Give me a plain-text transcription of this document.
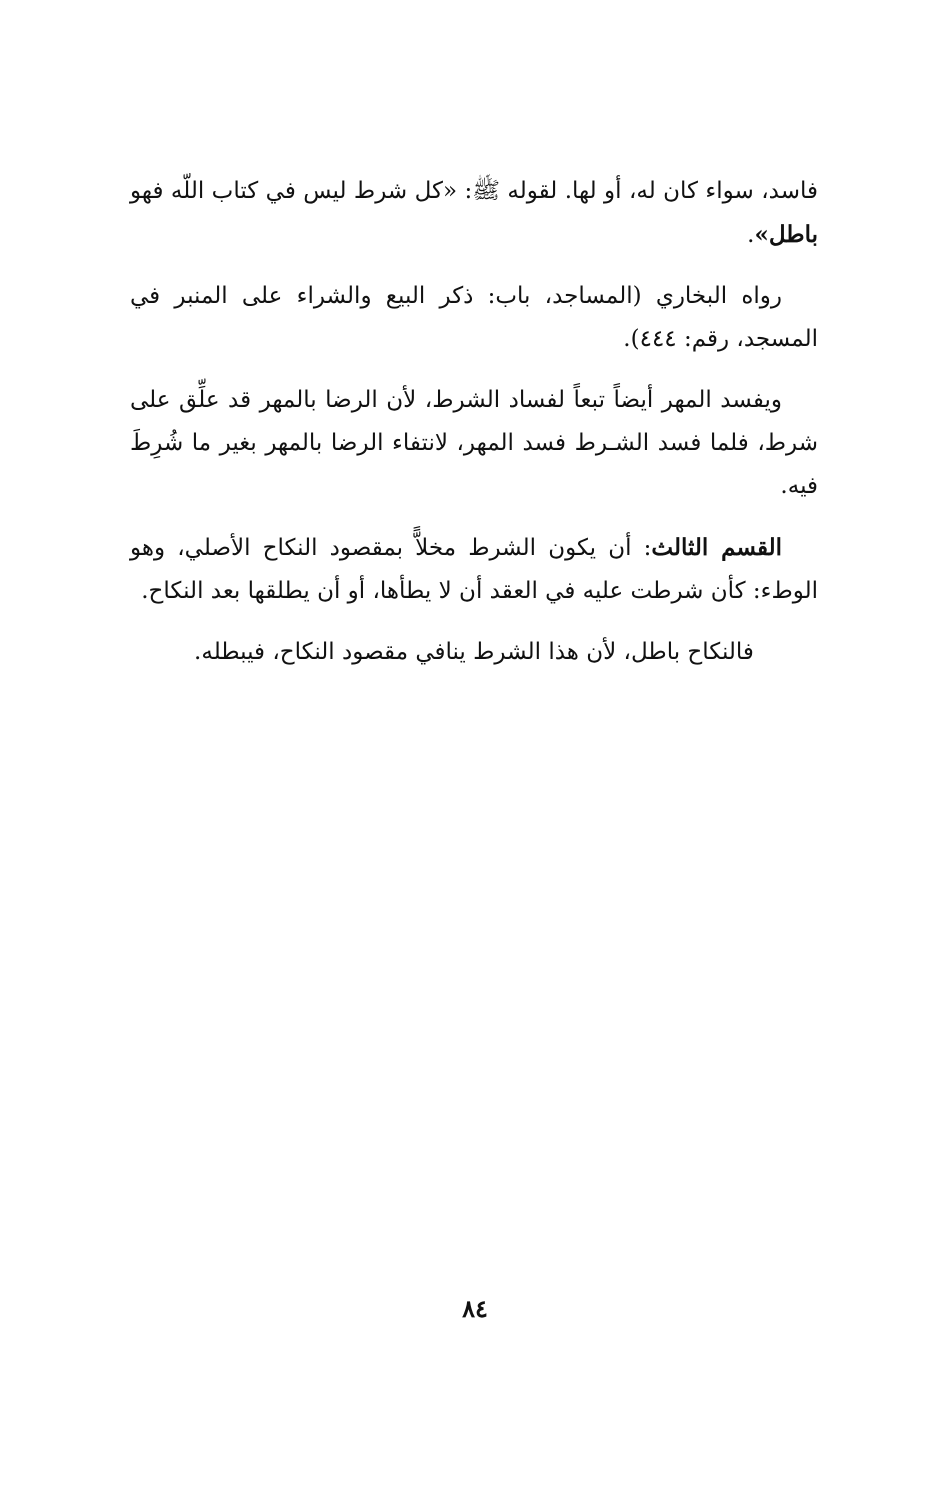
فاسد، سواء كان له، أو لها. لقوله ﷺ: «كل شرط ليس في كتاب اللّه فهو باطل».

رواه البخاري (المساجد، باب: ذكر البيع والشراء على المنبر في المسجد، رقم: ٤٤٤).

ويفسد المهر أيضاً تبعاً لفساد الشرط، لأن الرضا بالمهر قد علِّق على شرط، فلما فسد الشـرط فسد المهر، لانتفاء الرضا بالمهر بغير ما شُرِطَ فيه.

القسم الثالث: أن يكون الشرط مخلاًّ بمقصود النكاح الأصلي، وهو الوطء: كأن شرطت عليه في العقد أن لا يطأها، أو أن يطلقها بعد النكاح.

فالنكاح باطل، لأن هذا الشرط ينافي مقصود النكاح، فيبطله.

٨٤
